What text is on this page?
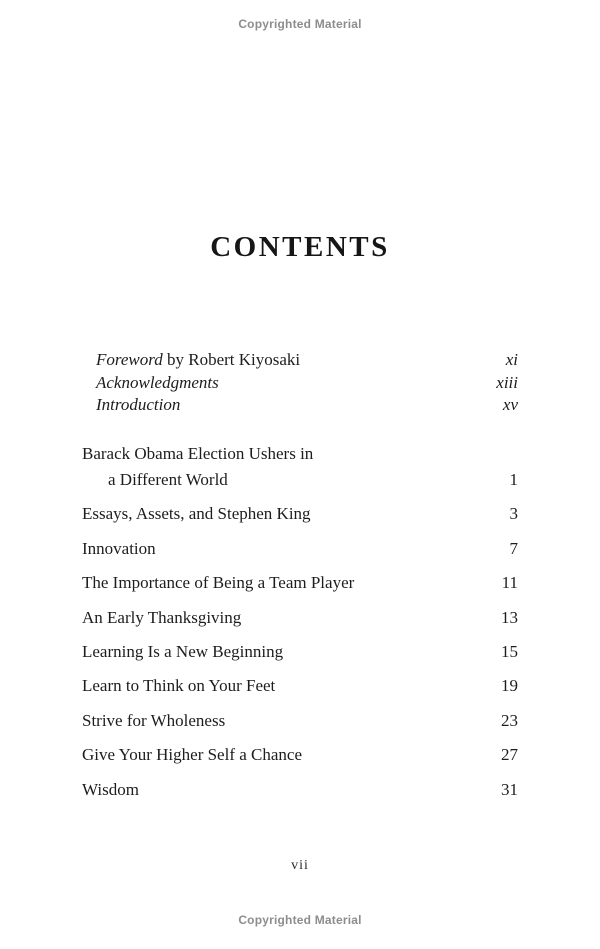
Copyrighted Material
CONTENTS
Foreword by Robert Kiyosaki	xi
Acknowledgments	xiii
Introduction	xv
Barack Obama Election Ushers in
a Different World	1
Essays, Assets, and Stephen King	3
Innovation	7
The Importance of Being a Team Player	11
An Early Thanksgiving	13
Learning Is a New Beginning	15
Learn to Think on Your Feet	19
Strive for Wholeness	23
Give Your Higher Self a Chance	27
Wisdom	31
vii
Copyrighted Material
